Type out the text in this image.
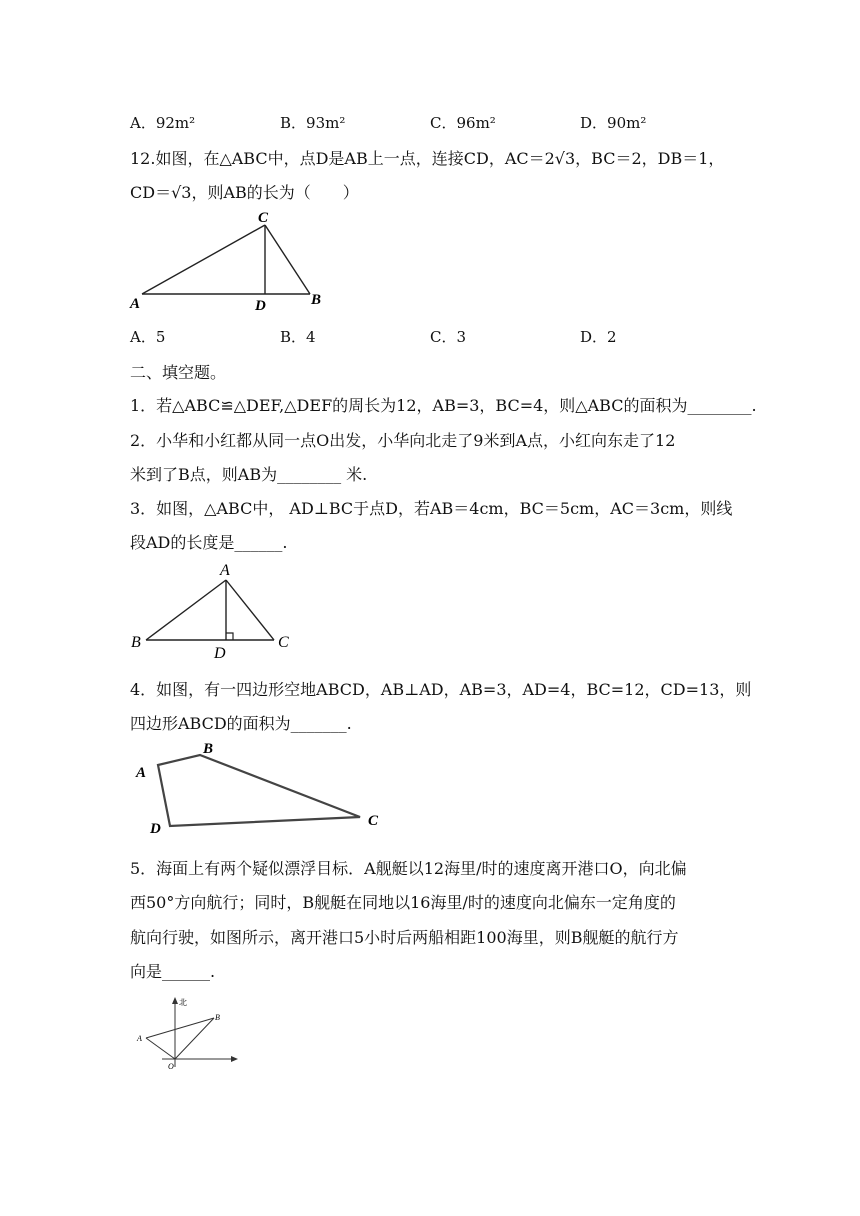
A．92m²	B．93m²	C．96m²	D．90m²
12.如图，在△ABC中，点D是AB上一点，连接CD，AC＝2√3，BC＝2，DB＝1，
CD＝√3，则AB的长为（　　）
A
C
D	B
A．5	B．4	C．3	D．2
二、填空题。
1．若△ABC≌△DEF,△DEF的周长为12，AB=3，BC=4，则△ABC的面积为________.
2．小华和小红都从同一点O出发，小华向北走了9米到A点，小红向东走了12
米到了B点，则AB为________ 米.
3．如图，△ABC中， AD⊥BC于点D，若AB＝4cm，BC＝5cm，AC＝3cm，则线
段AD的长度是______.
A
B	C
D
4．如图，有一四边形空地ABCD，AB⊥AD，AB=3，AD=4，BC=12，CD=13，则
四边形ABCD的面积为_______.
A
B
C
D
5．海面上有两个疑似漂浮目标．A舰艇以12海里/时的速度离开港口O，向北偏
西50°方向航行；同时，B舰艇在同地以16海里/时的速度向北偏东一定角度的
航向行驶，如图所示，离开港口5小时后两船相距100海里，则B舰艇的航行方
向是______.
北
A
B
O
